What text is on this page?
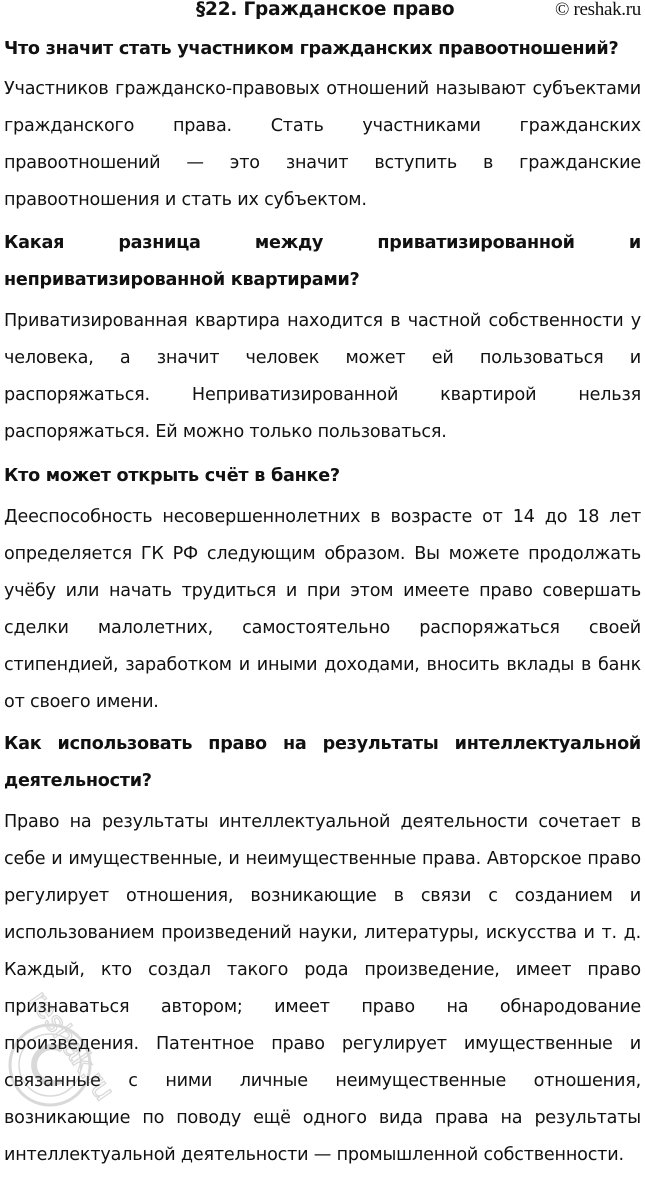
§22. Гражданское право	© reshak.ru
Что значит стать участником гражданских правоотношений?

Участников гражданско-правовых отношений называют субъектами гражданского права. Стать участниками гражданских правоотношений — это значит вступить в гражданские правоотношения и стать их субъектом.

Какая разница между приватизированной и неприватизированной квартирами?

Приватизированная квартира находится в частной собственности у человека, а значит человек может ей пользоваться и распоряжаться. Неприватизированной квартирой нельзя распоряжаться. Ей можно только пользоваться.

Кто может открыть счёт в банке?

Дееспособность несовершеннолетних в возрасте от 14 до 18 лет определяется ГК РФ следующим образом. Вы можете продолжать учёбу или начать трудиться и при этом имеете право совершать сделки малолетних, самостоятельно распоряжаться своей стипендией, заработком и иными доходами, вносить вклады в банк от своего имени.

Как использовать право на результаты интеллектуальной деятельности?

Право на результаты интеллектуальной деятельности сочетает в себе и имущественные, и неимущественные права. Авторское право регулирует отношения, возникающие в связи с созданием и использованием произведений науки, литературы, искусства и т. д. Каждый, кто создал такого рода произведение, имеет право признаваться автором; имеет право на обнародование произведения. Патентное право регулирует имущественные и связанные с ними личные неимущественные отношения, возникающие по поводу ещё одного вида права на результаты интеллектуальной деятельности — промышленной собственности.

reshak.ru
